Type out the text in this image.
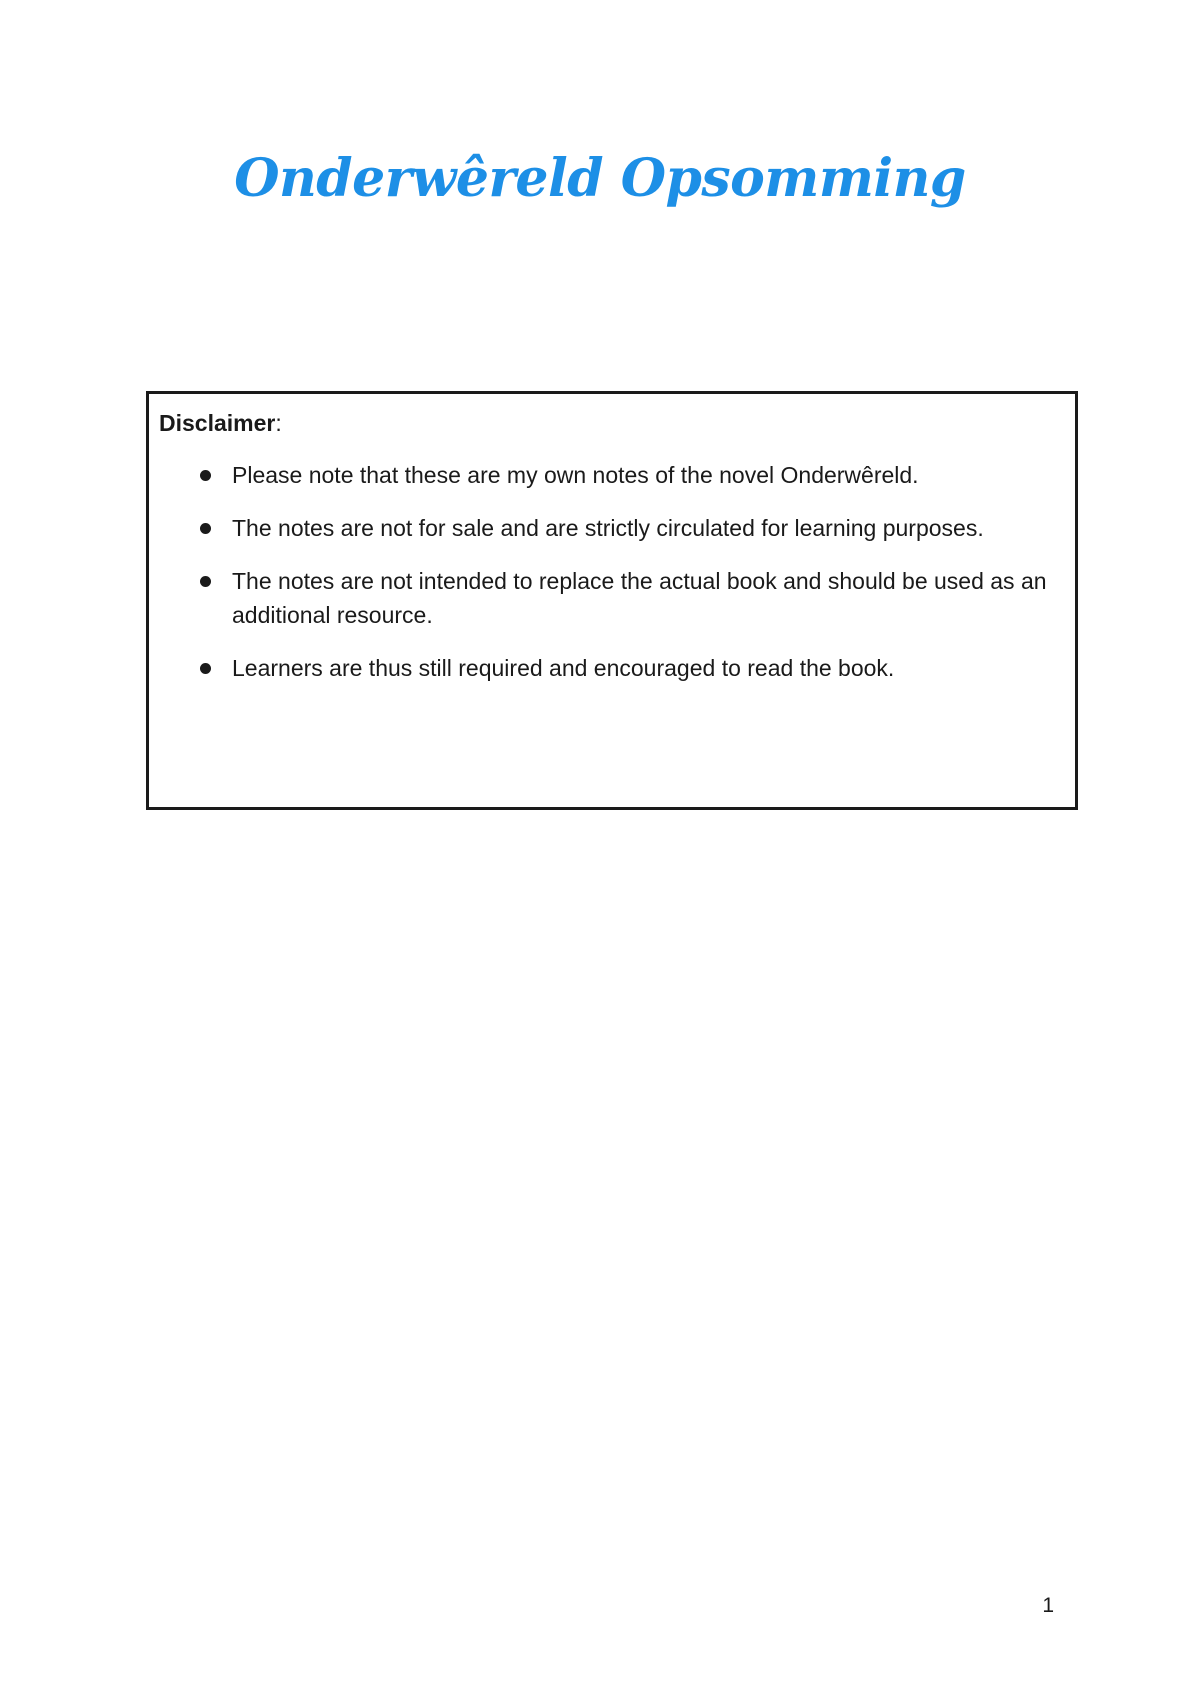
Onderwêreld Opsomming

Disclaimer:

Please note that these are my own notes of the novel Onderwêreld.
The notes are not for sale and are strictly circulated for learning purposes.
The notes are not intended to replace the actual book and should be used as an additional resource.
Learners are thus still required and encouraged to read the book.
1
